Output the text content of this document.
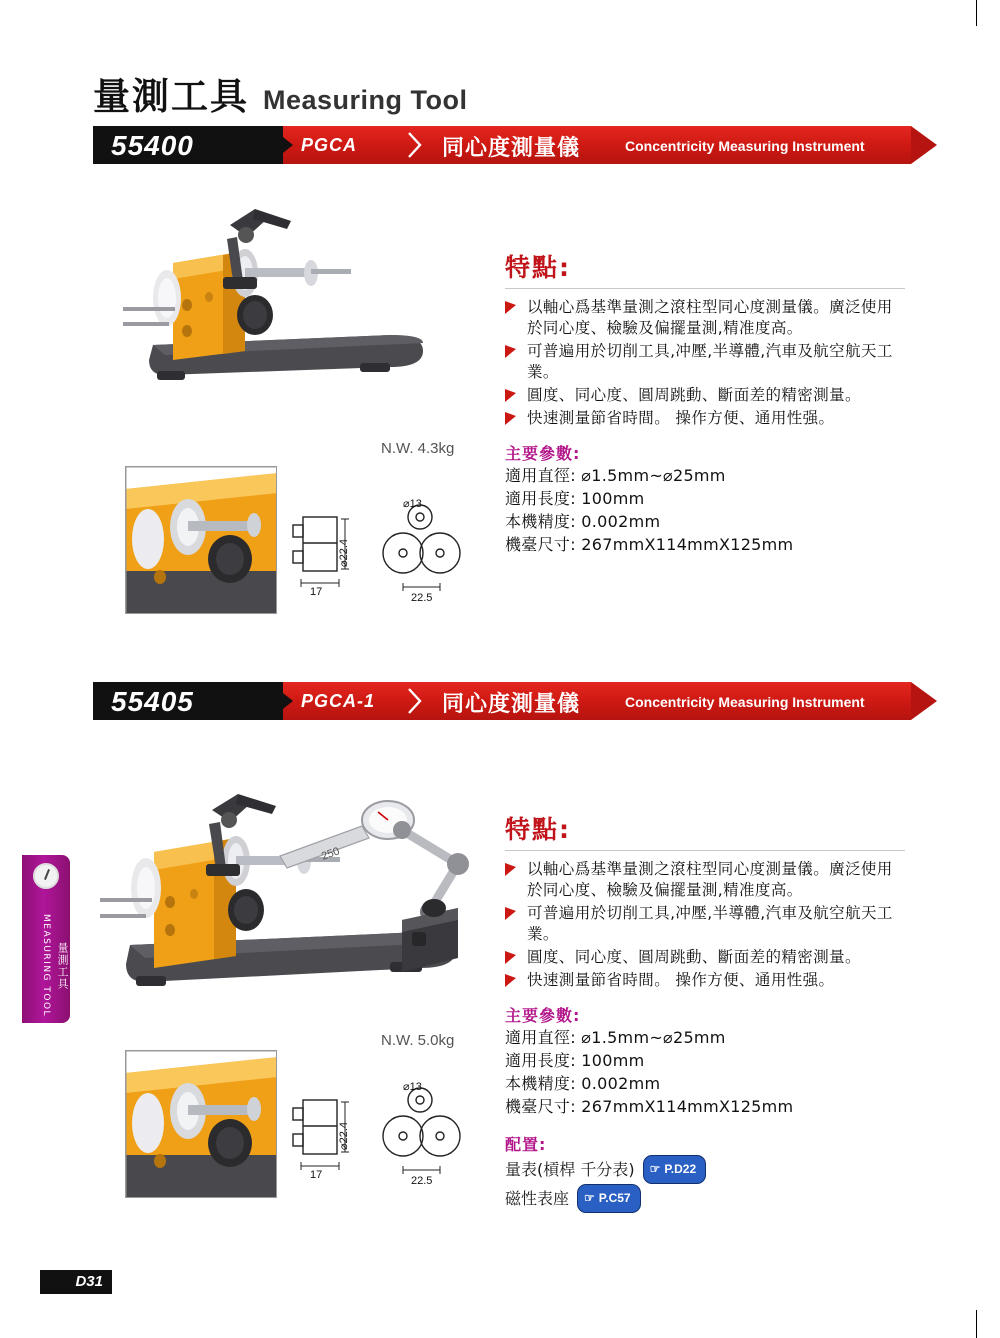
量測工具 Measuring Tool
55400	PGCA	同心度測量儀	Concentricity Measuring Instrument
N.W. 4.3kg
⌀22.4
17
⌀13
22.5
特點:
以軸心爲基準量測之滾柱型同心度測量儀。廣泛使用於同心度、檢驗及偏擺量測,精准度高。
可普遍用於切削工具,冲壓,半導體,汽車及航空航天工業。
圓度、同心度、圓周跳動、斷面差的精密測量。
快速測量節省時間。 操作方便、通用性强。
主要參數:
適用直徑: ⌀1.5mm~⌀25mm
適用長度: 100mm
本機精度: 0.002mm
機臺尺寸: 267mmX114mmX125mm
55405	PGCA-1	同心度測量儀	Concentricity Measuring Instrument
250
N.W. 5.0kg
⌀22.4
17
⌀13
22.5
特點:
以軸心爲基準量測之滾柱型同心度測量儀。廣泛使用於同心度、檢驗及偏擺量測,精准度高。
可普遍用於切削工具,冲壓,半導體,汽車及航空航天工業。
圓度、同心度、圓周跳動、斷面差的精密測量。
快速測量節省時間。 操作方便、通用性强。
主要參數:
適用直徑: ⌀1.5mm~⌀25mm
適用長度: 100mm
本機精度: 0.002mm
機臺尺寸: 267mmX114mmX125mm
配置:
量表(槓桿 千分表) ☞ P.D22
磁性表座 ☞ P.C57
量測工具 MEASURING TOOL
D31
